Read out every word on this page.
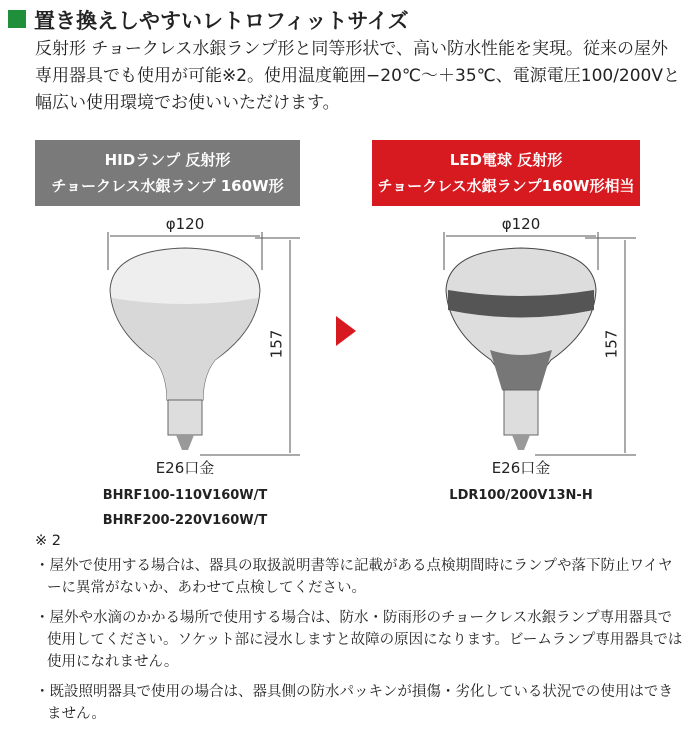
置き換えしやすいレトロフィットサイズ
反射形 チョークレス水銀ランプ形と同等形状で、高い防水性能を実現。従来の屋外専用器具でも使用が可能※2。使用温度範囲−20℃〜＋35℃、電源電圧100/200Vと幅広い使用環境でお使いいただけます。
HIDランプ 反射形
チョークレス水銀ランプ 160W形
LED電球 反射形
チョークレス水銀ランプ160W形相当
φ120	φ120
157	157
E26口金	E26口金
BHRF100-110V160W/T
BHRF200-220V160W/T
LDR100/200V13N-H
※ 2

・屋外で使用する場合は、器具の取扱説明書等に記載がある点検期間時にランプや落下防止ワイヤーに異常がないか、あわせて点検してください。

・屋外や水滴のかかる場所で使用する場合は、防水・防雨形のチョークレス水銀ランプ専用器具で使用してください。ソケット部に浸水しますと故障の原因になります。ビームランプ専用器具では使用になれません。

・既設照明器具で使用の場合は、器具側の防水パッキンが損傷・劣化している状況での使用はできません。
